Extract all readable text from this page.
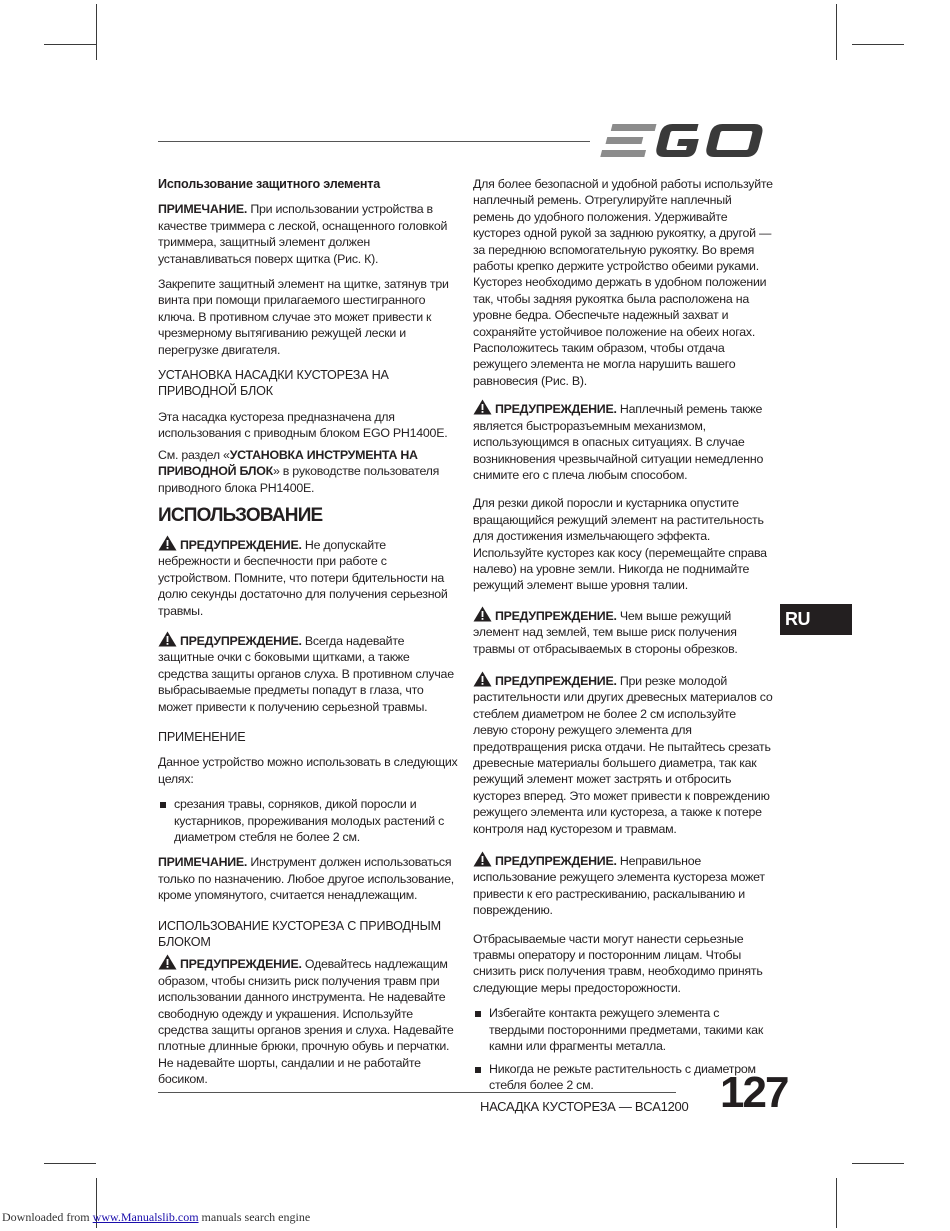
Использование защитного элемента

ПРИМЕЧАНИЕ. При использовании устройства в качестве триммера с леской, оснащенного головкой триммера, защитный элемент должен устанавливаться поверх щитка (Рис. К).

Закрепите защитный элемент на щитке, затянув три винта при помощи прилагаемого шестигранного ключа. В противном случае это может привести к чрезмерному вытягиванию режущей лески и перегрузке двигателя.

УСТАНОВКА НАСАДКИ КУСТОРЕЗА НА ПРИВОДНОЙ БЛОК

Эта насадка кустореза предназначена для использования с приводным блоком EGO PH1400E.

См. раздел «УСТАНОВКА ИНСТРУМЕНТА НА ПРИВОДНОЙ БЛОК» в руководстве пользователя приводного блока PH1400E.

ИСПОЛЬЗОВАНИЕ

ПРЕДУПРЕЖДЕНИЕ. Не допускайте небрежности и беспечности при работе с устройством. Помните, что потери бдительности на долю секунды достаточно для получения серьезной травмы.

ПРЕДУПРЕЖДЕНИЕ. Всегда надевайте защитные очки с боковыми щитками, а также средства защиты органов слуха. В противном случае выбрасываемые предметы попадут в глаза, что может привести к получению серьезной травмы.

ПРИМЕНЕНИЕ

Данное устройство можно использовать в следующих целях:

срезания травы, сорняков, дикой поросли и кустарников, прореживания молодых растений с диаметром стебля не более 2 см.

ПРИМЕЧАНИЕ. Инструмент должен использоваться только по назначению. Любое другое использование, кроме упомянутого, считается ненадлежащим.

ИСПОЛЬЗОВАНИЕ КУСТОРЕЗА С ПРИВОДНЫМ БЛОКОМ

ПРЕДУПРЕЖДЕНИЕ. Одевайтесь надлежащим образом, чтобы снизить риск получения травм при использовании данного инструмента. Не надевайте свободную одежду и украшения. Используйте средства защиты органов зрения и слуха. Надевайте плотные длинные брюки, прочную обувь и перчатки. Не надевайте шорты, сандалии и не работайте босиком.

Для более безопасной и удобной работы используйте наплечный ремень. Отрегулируйте наплечный ремень до удобного положения. Удерживайте кусторез одной рукой за заднюю рукоятку, а другой — за переднюю вспомогательную рукоятку. Во время работы крепко держите устройство обеими руками. Кусторез необходимо держать в удобном положении так, чтобы задняя рукоятка была расположена на уровне бедра. Обеспечьте надежный захват и сохраняйте устойчивое положение на обеих ногах.

Расположитесь таким образом, чтобы отдача режущего элемента не могла нарушить вашего равновесия (Рис. В).

ПРЕДУПРЕЖДЕНИЕ. Наплечный ремень также является быстроразъемным механизмом, использующимся в опасных ситуациях. В случае возникновения чрезвычайной ситуации немедленно снимите его с плеча любым способом.

Для резки дикой поросли и кустарника опустите вращающийся режущий элемент на растительность для достижения измельчающего эффекта. Используйте кусторез как косу (перемещайте справа налево) на уровне земли. Никогда не поднимайте режущий элемент выше уровня талии.

ПРЕДУПРЕЖДЕНИЕ. Чем выше режущий элемент над землей, тем выше риск получения травмы от отбрасываемых в стороны обрезков.

ПРЕДУПРЕЖДЕНИЕ. При резке молодой растительности или других древесных материалов со стеблем диаметром не более 2 см используйте левую сторону режущего элемента для предотвращения риска отдачи. Не пытайтесь срезать древесные материалы большего диаметра, так как режущий элемент может застрять и отбросить кусторез вперед. Это может привести к повреждению режущего элемента или кустореза, а также к потере контроля над кусторезом и травмам.

ПРЕДУПРЕЖДЕНИЕ. Неправильное использование режущего элемента кустореза может привести к его растрескиванию, раскалыванию и повреждению.

Отбрасываемые части могут нанести серьезные травмы оператору и посторонним лицам. Чтобы снизить риск получения травм, необходимо принять следующие меры предосторожности.

Избегайте контакта режущего элемента с твердыми посторонними предметами, такими как камни или фрагменты металла.
Никогда не режьте растительность с диаметром стебля более 2 см.
RU
НАСАДКА КУСТОРЕЗА — BCA1200 127
Downloaded from www.Manualslib.com manuals search engine
